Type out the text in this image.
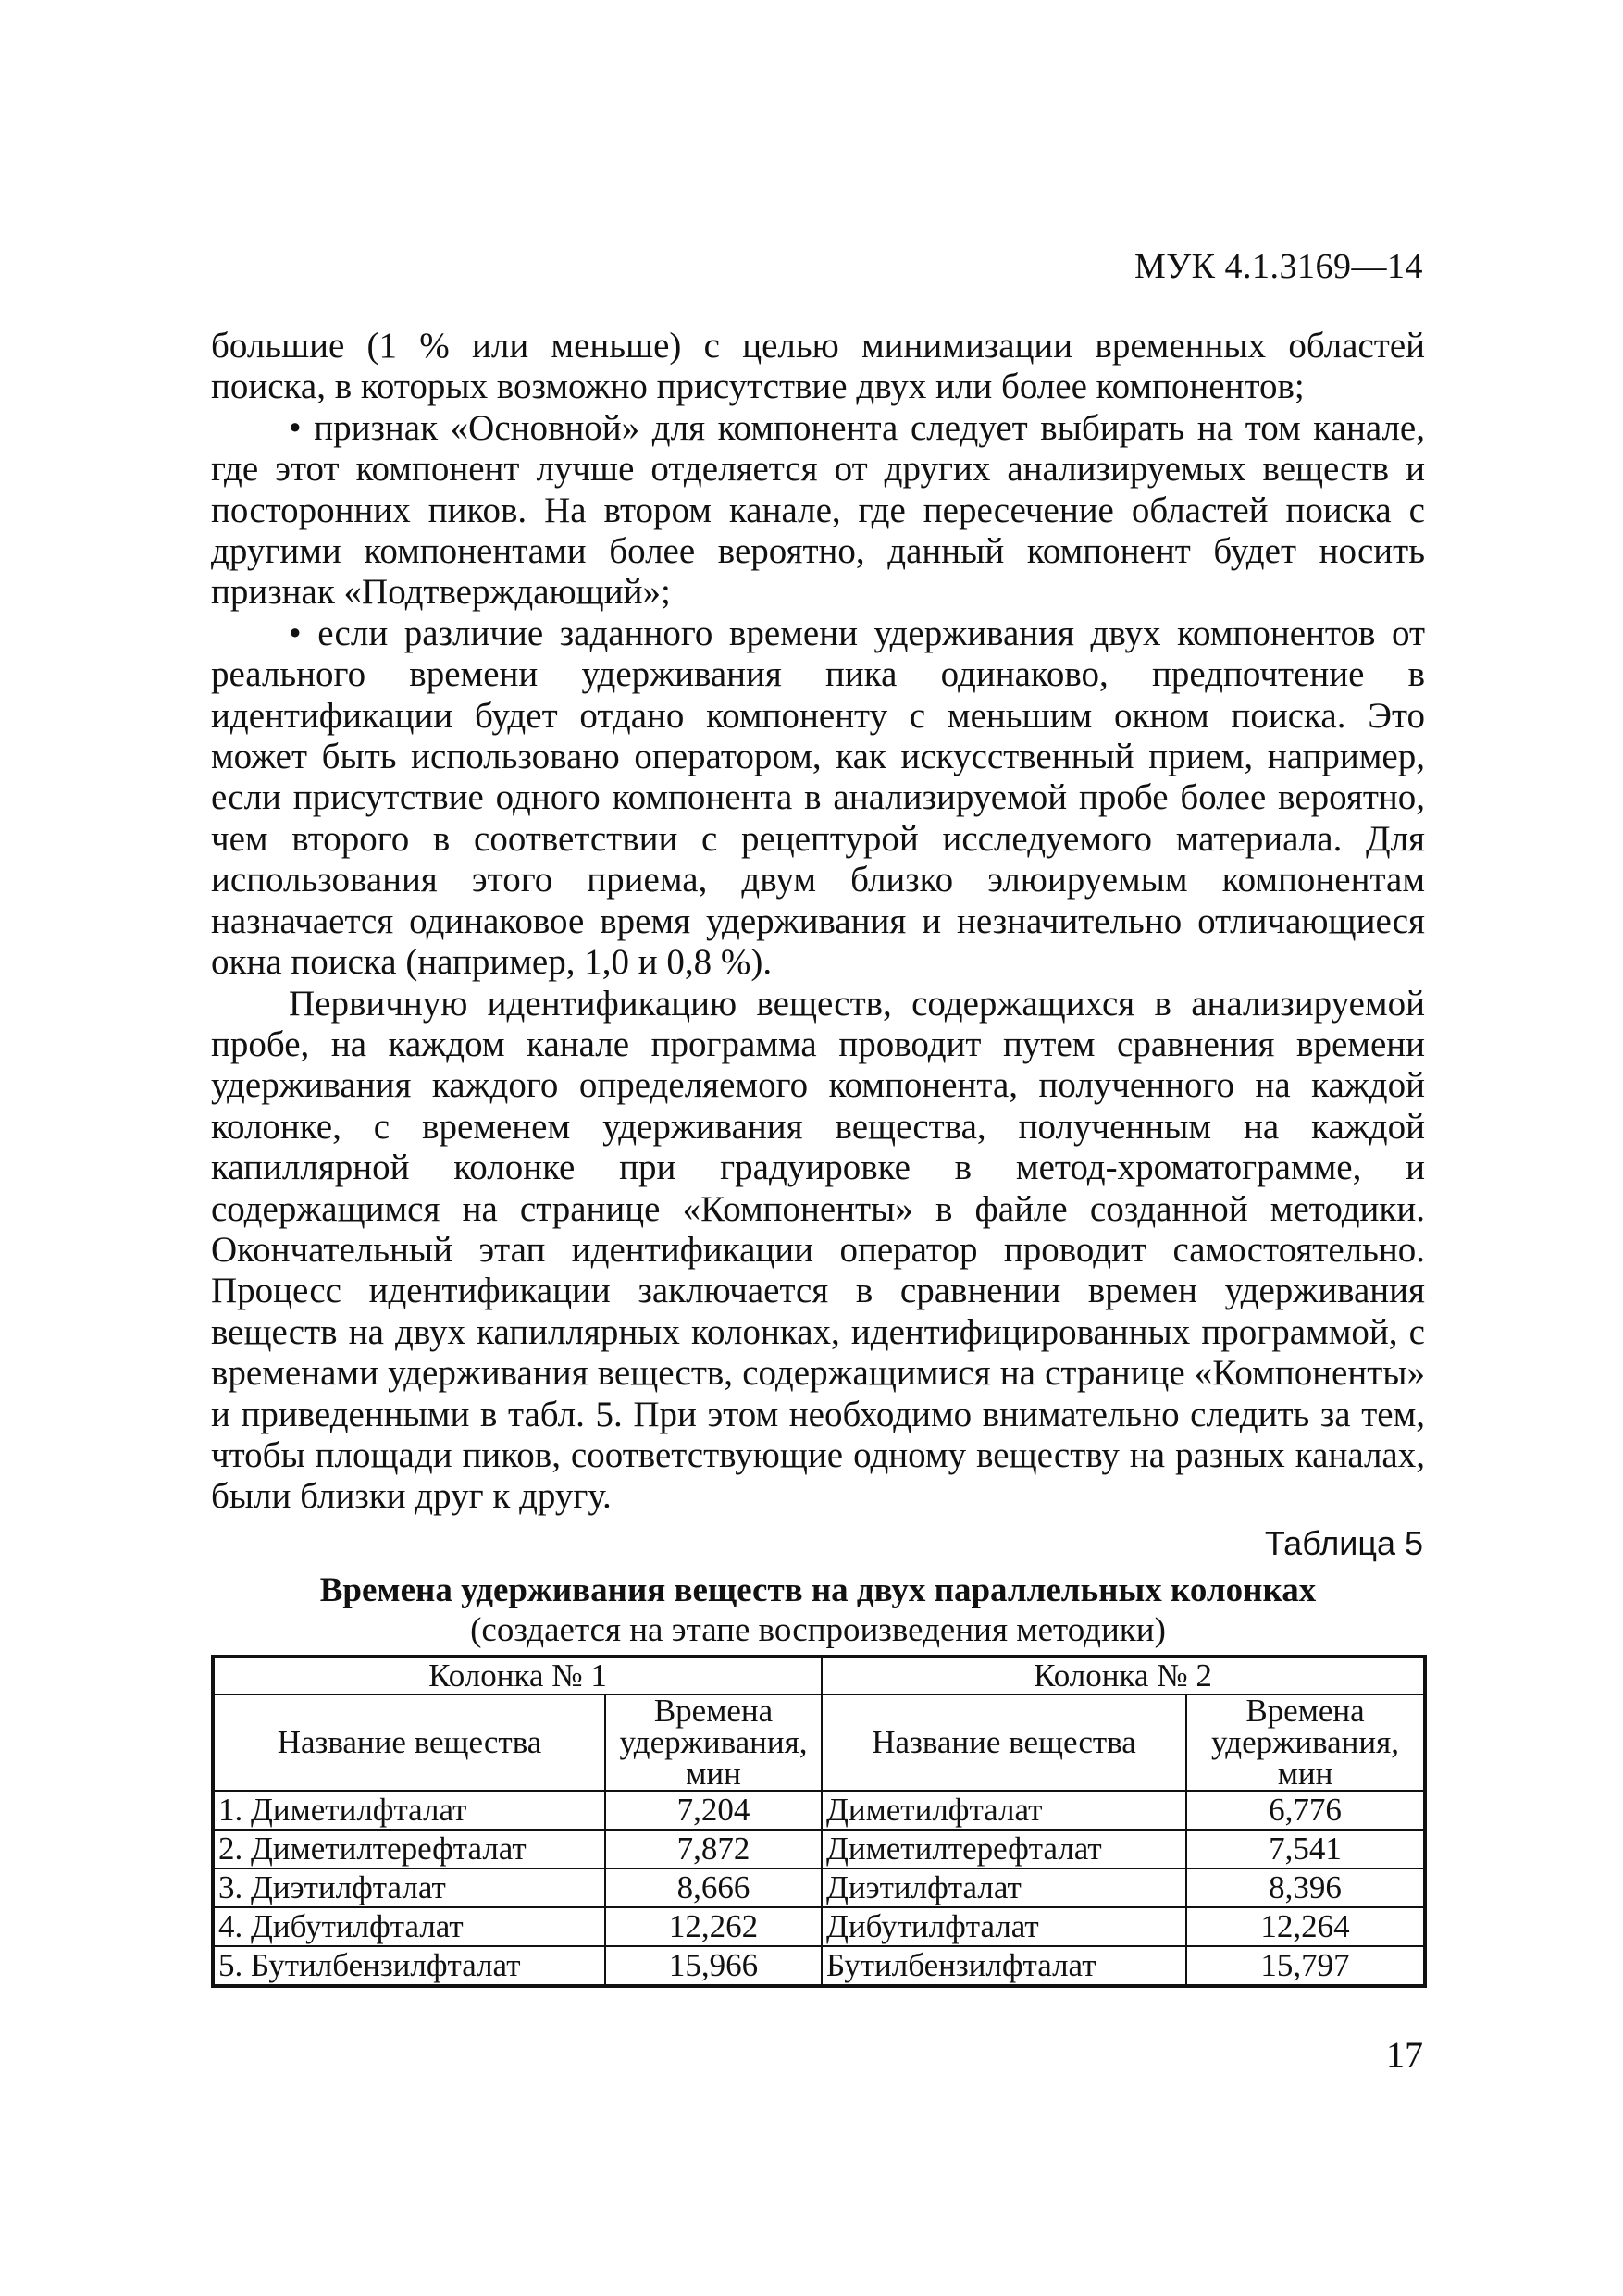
МУК 4.1.3169—14

большие (1 % или меньше) с целью минимизации временных областей поиска, в которых возможно присутствие двух или более компонентов;

• признак «Основной» для компонента следует выбирать на том канале, где этот компонент лучше отделяется от других анализируемых веществ и посторонних пиков. На втором канале, где пересечение областей поиска с другими компонентами более вероятно, данный компонент будет носить признак «Подтверждающий»;

• если различие заданного времени удерживания двух компонентов от реального времени удерживания пика одинаково, предпочтение в идентификации будет отдано компоненту с меньшим окном поиска. Это может быть использовано оператором, как искусственный прием, например, если присутствие одного компонента в анализируемой пробе более вероятно, чем второго в соответствии с рецептурой исследуемого материала. Для использования этого приема, двум близко элюируемым компонентам назначается одинаковое время удерживания и незначительно отличающиеся окна поиска (например, 1,0 и 0,8 %).

Первичную идентификацию веществ, содержащихся в анализируемой пробе, на каждом канале программа проводит путем сравнения времени удерживания каждого определяемого компонента, полученного на каждой колонке, с временем удерживания вещества, полученным на каждой капиллярной колонке при градуировке в метод-хроматограмме, и содержащимся на странице «Компоненты» в файле созданной методики. Окончательный этап идентификации оператор проводит самостоятельно. Процесс идентификации заключается в сравнении времен удерживания веществ на двух капиллярных колонках, идентифицированных программой, с временами удерживания веществ, содержащимися на странице «Компоненты» и приведенными в табл. 5. При этом необходимо внимательно следить за тем, чтобы площади пиков, соответствующие одному веществу на разных каналах, были близки друг к другу.

Таблица 5
Времена удерживания веществ на двух параллельных колонках
(создается на этапе воспроизведения методики)
Колонка № 1		Колонка № 2	
Название вещества	Времена удерживания, мин	Название вещества	Времена удерживания, мин
1. Диметилфталат	7,204	Диметилфталат	6,776
2. Диметилтерефталат	7,872	Диметилтерефталат	7,541
3. Диэтилфталат	8,666	Диэтилфталат	8,396
4. Дибутилфталат	12,262	Дибутилфталат	12,264
5. Бутилбензилфталат	15,966	Бутилбензилфталат	15,797
17
